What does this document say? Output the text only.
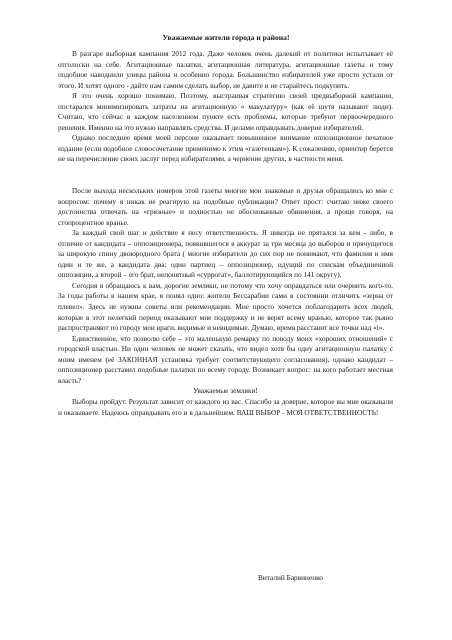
Уважаемые жители города и района!

В разгаре выборная кампания 2012 года. Даже человек очень далекий от политики испытывает её отголоски на себе. Агитационные палатки, агитационная литература, агитационные газеты и тому подобное наводнили улицы района и особенно города. Большинство избирателей уже просто устали от этого. И хотят одного - дайте нам самим сделать выбор, не давите и не старайтесь подкупить.

Я это очень хорошо понимаю. Поэтому, выстраивая стратегию своей предвыборной кампании, постарался минимизировать затраты на агитационную « макулатуру» (как её шутя называют люди). Считаю, что сейчас в каждом населенном пункте есть проблемы, которые требуют первоочередного решения. Именно на это нужно направлять средства. И делами оправдывать доверие избирателей.

Однако последнее время моей персоне оказывает повышенное внимание оппозиционное печатное издание (если подобное словосочетание применимо к этим «газетенкам»). К сожалению, ориентир берется не на перечисление своих заслуг перед избирателями, а чернение других, в частности меня.

После выхода нескольких номеров этой газеты многие мои знакомые и друзья обращались ко мне с вопросом: почему я никак не реагирую на подобные публикации? Ответ прост: считаю ниже своего достоинства отвечать на «грязные» и полностью не обоснованные обвинения, а проще говоря, на стопроцентное вранье.

За каждый свой шаг и действие я несу ответственность. Я никогда не прятался за кем - либо, в отличие от кандидата – оппозиционера, появившегося в аккурат за три месяца до выборов и прячущегося за широкую спину двоюродного брата ( многие избиратели до сих пор не понимают, что фамилия и имя один и те же, а кандидата два: один партиец – оппозиционер, идущий по спискам объединенной оппозиции, а второй – его брат, непонятный «суррогат», баллотирующийся по 141 округу).

Сегодня я обращаюсь к вам, дорогие земляки, не потому что хочу оправдаться или очернить кого-то. За годы работы в нашем крае, я понял одно: жители Бессарабии сами в состоянии отличить «зерна от плевел». Здесь не нужны советы или рекомендации. Мне просто хочется поблагодарить всех людей, которые в этот нелегкий период оказывают мне поддержку и не верят всему вранью, которое так рьяно распространяют по городу мои враги, видимые и невидимые. Думаю, время расставит все точки над «i».

Единственное, что позволю себе – это маленькую ремарку по поводу моих «хороших отношений» с городской властью. Ни один человек не может сказать, что видел хотя бы одну агитационную палатку с моим именем (её ЗАКОННАЯ установка требует соответствующего согласования), однако кандидат – оппозиционер расставил подобные палатки по всему городу. Возникает вопрос: на кого работает местная власть?

Уважаемые земляки!

Выборы пройдут. Результат зависит от каждого из вас. Спасибо за доверие, которое вы мне оказывали и оказываете. Надеюсь оправдывать его и в дальнейшем. ВАШ ВЫБОР - МОЯ ОТВЕТСТВЕННОСТЬ!

Виталий Барвиненко
